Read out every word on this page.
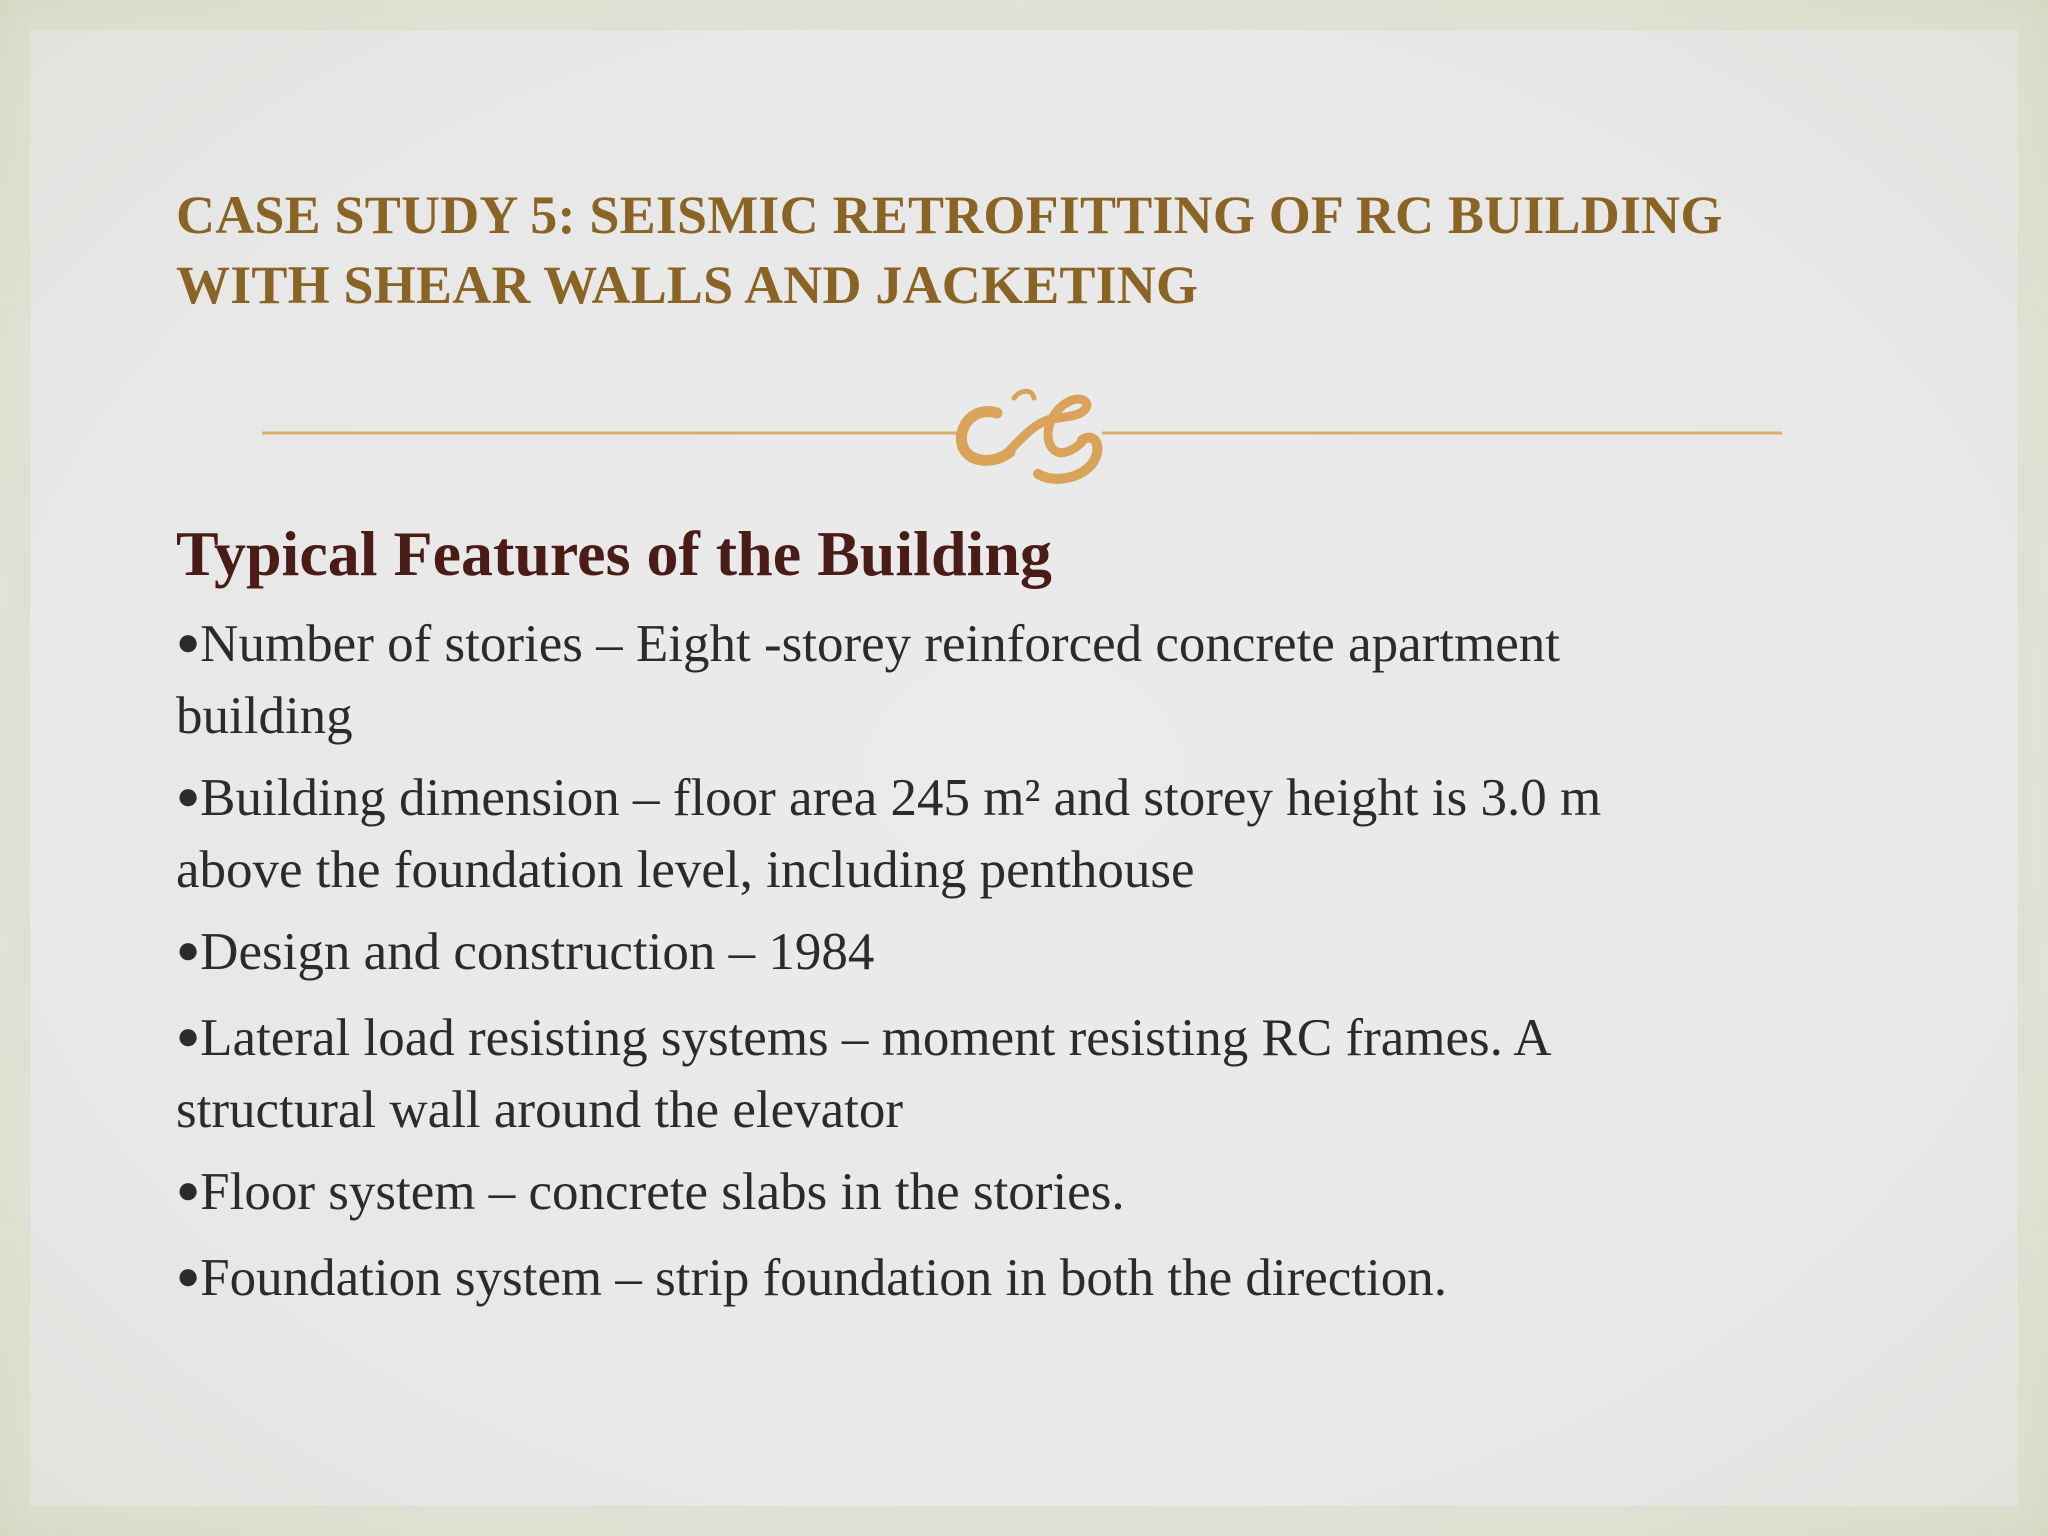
CASE STUDY 5: SEISMIC RETROFITTING OF RC BUILDING
WITH SHEAR WALLS AND JACKETING
Typical Features of the Building
●Number of stories – Eight -storey reinforced concrete apartment
building
●Building dimension – floor area 245 m² and storey height is 3.0 m
above the foundation level, including penthouse
●Design and construction – 1984
●Lateral load resisting systems – moment resisting RC frames. A
structural wall around the elevator
●Floor system – concrete slabs in the stories.
●Foundation system – strip foundation in both the direction.
